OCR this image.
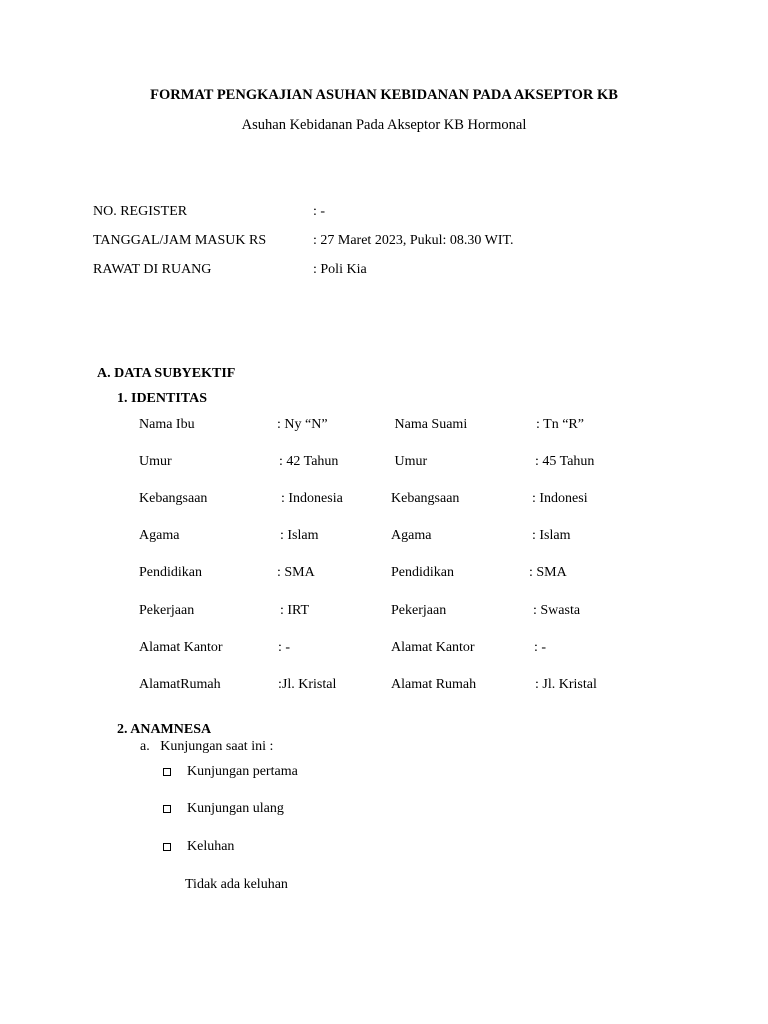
FORMAT PENGKAJIAN ASUHAN KEBIDANAN PADA AKSEPTOR KB
Asuhan Kebidanan Pada Akseptor KB Hormonal
NO. REGISTER	: -
TANGGAL/JAM MASUK RS	: 27 Maret 2023, Pukul: 08.30 WIT.
RAWAT DI RUANG	: Poli Kia
A. DATA SUBYEKTIF
1. IDENTITAS
Nama Ibu	: Ny “N”	Nama Suami	: Tn “R”
Umur	: 42 Tahun	Umur	: 45 Tahun
Kebangsaan	: Indonesia	Kebangsaan	: Indonesi
Agama	: Islam	Agama	: Islam
Pendidikan	: SMA	Pendidikan	: SMA
Pekerjaan	: IRT	Pekerjaan	: Swasta
Alamat Kantor	: -	Alamat Kantor	: -
AlamatRumah	:Jl. Kristal	Alamat Rumah	: Jl. Kristal
2. ANAMNESA
a.   Kunjungan saat ini :
Kunjungan pertama
Kunjungan ulang
Keluhan
Tidak ada keluhan
